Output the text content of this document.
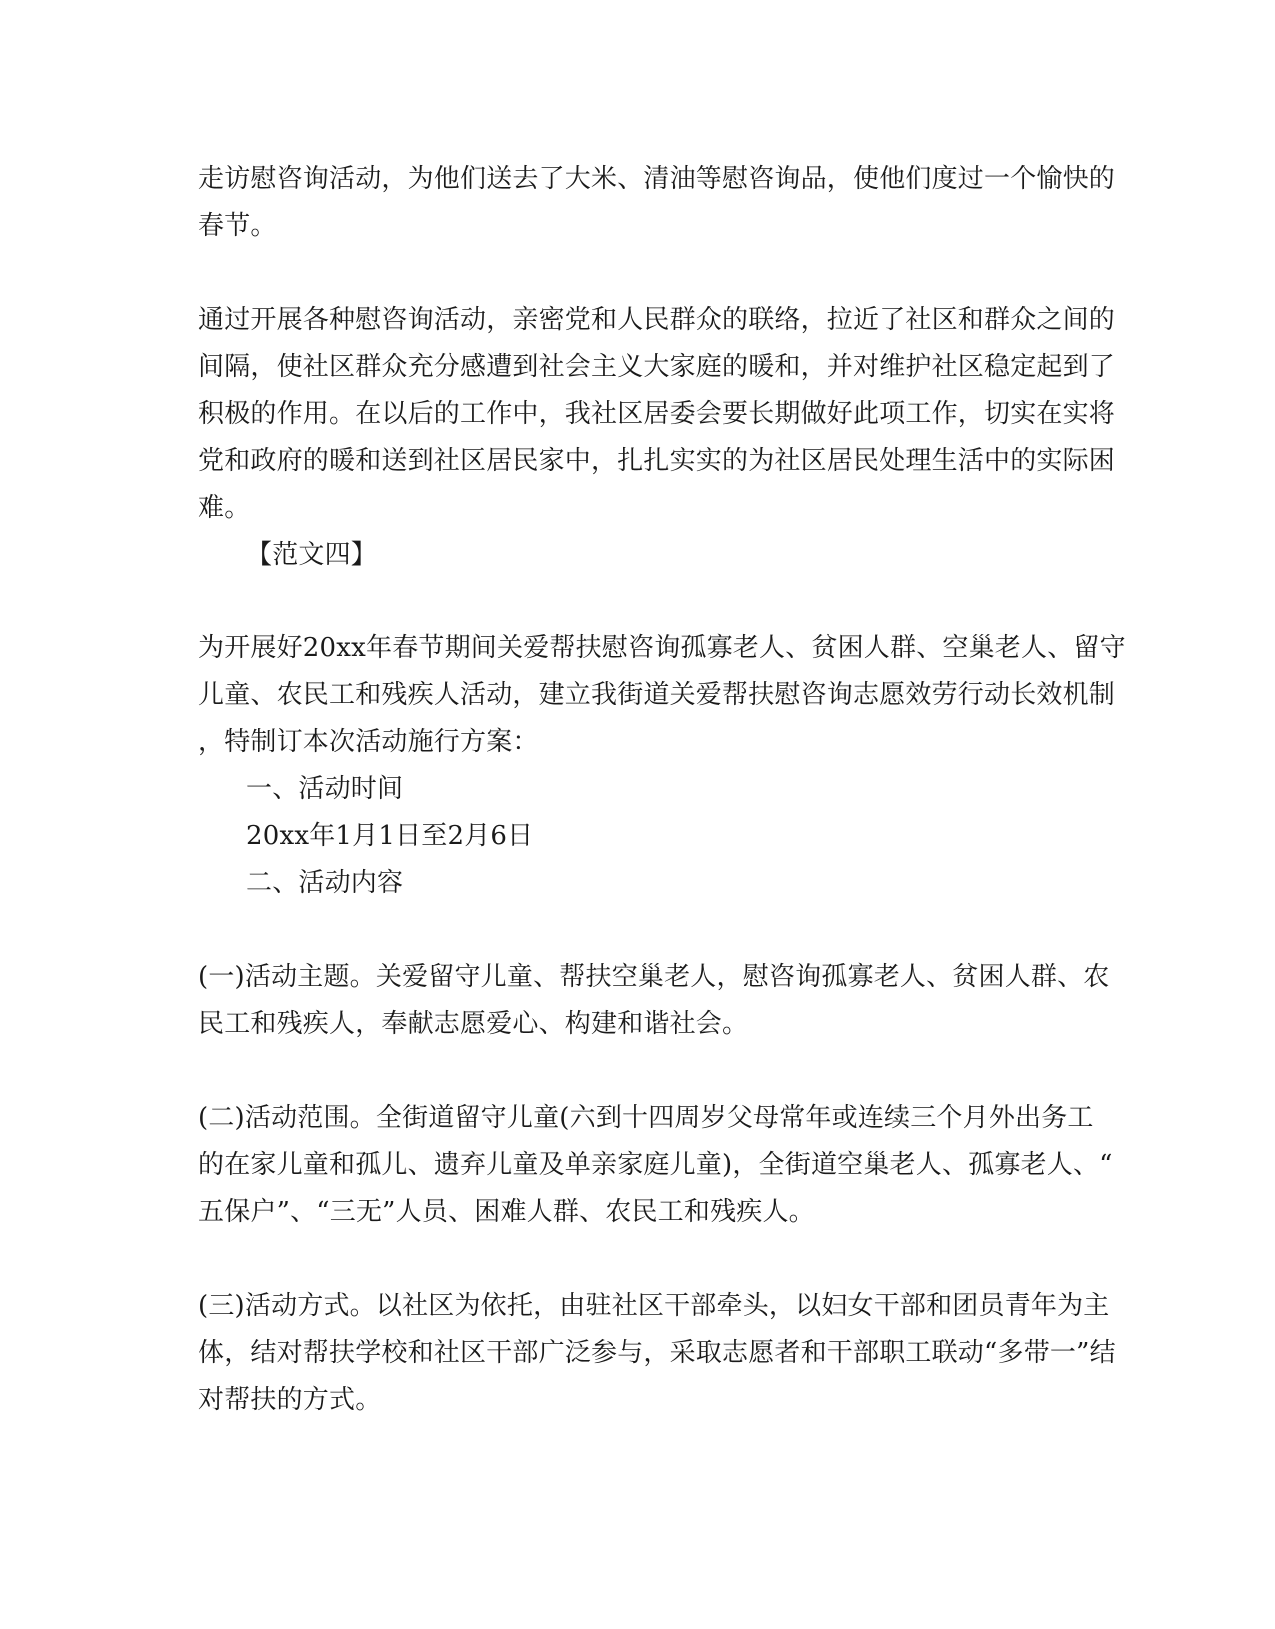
走访慰咨询活动，为他们送去了大米、清油等慰咨询品，使他们度过一个愉快的
春节。
通过开展各种慰咨询活动，亲密党和人民群众的联络，拉近了社区和群众之间的
间隔，使社区群众充分感遭到社会主义大家庭的暖和，并对维护社区稳定起到了
积极的作用。在以后的工作中，我社区居委会要长期做好此项工作，切实在实将
党和政府的暖和送到社区居民家中，扎扎实实的为社区居民处理生活中的实际困
难。
【范文四】
为开展好20xx年春节期间关爱帮扶慰咨询孤寡老人、贫困人群、空巢老人、留守
儿童、农民工和残疾人活动，建立我街道关爱帮扶慰咨询志愿效劳行动长效机制
，特制订本次活动施行方案：
一、活动时间
20xx年1月1日至2月6日
二、活动内容
(一)活动主题。关爱留守儿童、帮扶空巢老人，慰咨询孤寡老人、贫困人群、农
民工和残疾人，奉献志愿爱心、构建和谐社会。
(二)活动范围。全街道留守儿童(六到十四周岁父母常年或连续三个月外出务工
的在家儿童和孤儿、遗弃儿童及单亲家庭儿童)，全街道空巢老人、孤寡老人、“
五保户”、“三无”人员、困难人群、农民工和残疾人。
(三)活动方式。以社区为依托，由驻社区干部牵头，以妇女干部和团员青年为主
体，结对帮扶学校和社区干部广泛参与，采取志愿者和干部职工联动“多带一”结
对帮扶的方式。
